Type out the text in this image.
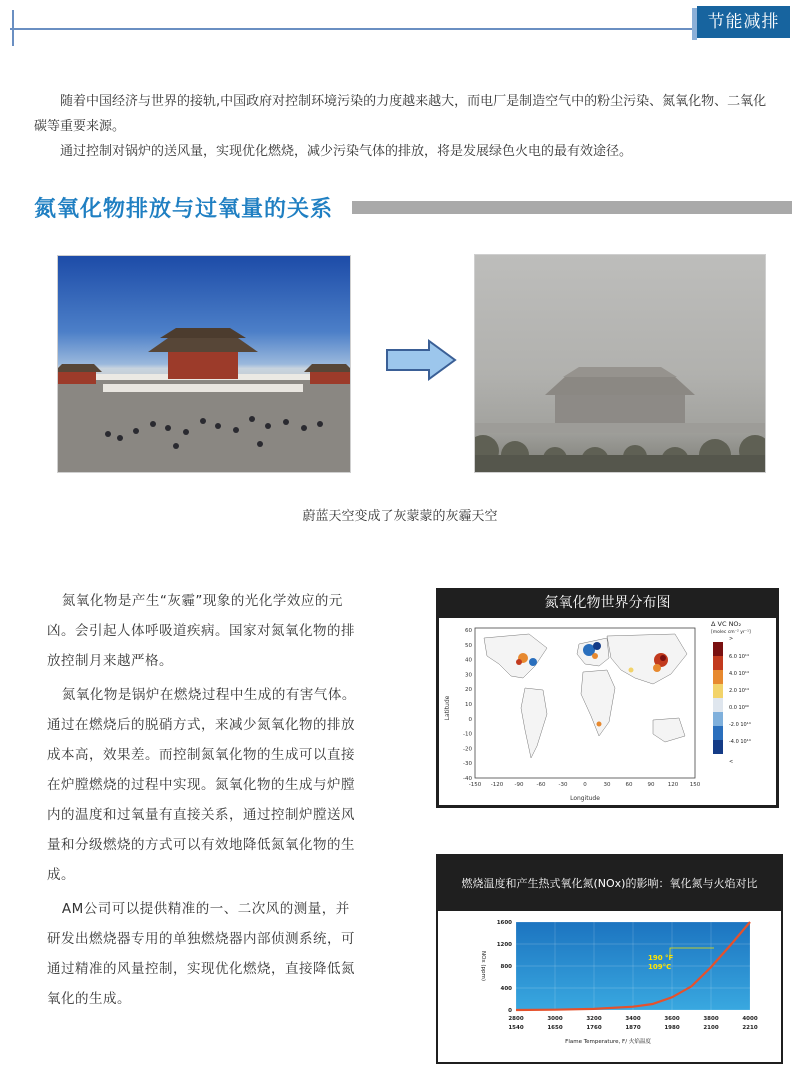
节能减排

随着中国经济与世界的接轨,中国政府对控制环境污染的力度越来越大，而电厂是制造空气中的粉尘污染、氮氧化物、二氧化碳等重要来源。

通过控制对锅炉的送风量，实现优化燃烧，减少污染气体的排放，将是发展绿色火电的最有效途径。

氮氧化物排放与过氧量的关系
蔚蓝天空变成了灰蒙蒙的灰霾天空

氮氧化物是产生“灰霾”现象的光化学效应的元凶。会引起人体呼吸道疾病。国家对氮氧化物的排放控制月来越严格。

氮氧化物是锅炉在燃烧过程中生成的有害气体。通过在燃烧后的脱硝方式，来减少氮氧化物的排放成本高，效果差。而控制氮氧化物的生成可以直接在炉膛燃烧的过程中实现。氮氧化物的生成与炉膛内的温度和过氧量有直接关系，通过控制炉膛送风量和分级燃烧的方式可以有效地降低氮氧化物的生成。

AM公司可以提供精准的一、二次风的测量，并研发出燃烧器专用的单独燃烧器内部侦测系统，可通过精准的风量控制，实现优化燃烧，直接降低氮氧化的生成。

氮氧化物世界分布图
60
50
40
30
20
10
0
-10
-20
-30
-40
-150 -120 -90 -60 -30	0	30	60	90 120 150
Latitude
Longitude
Δ VC NO₂
[molec cm⁻² yr⁻¹]
>
6.0 10¹⁴
4.0 10¹⁴
2.0 10¹⁴
0.0 10⁰⁰
-2.0 10¹⁴
-4.0 10¹⁴
<
燃烧温度和产生热式氧化氮(NOx)的影响：氧化氮与火焰对比
1600
1200
800
400
0
2800	3000	3200	3400	3600	3800	4000
1540	1650	1760	1870	1980	2100	2210
190 °F
109°C
NOx (ppm)
Flame Temperature, F/ 火焰温度
